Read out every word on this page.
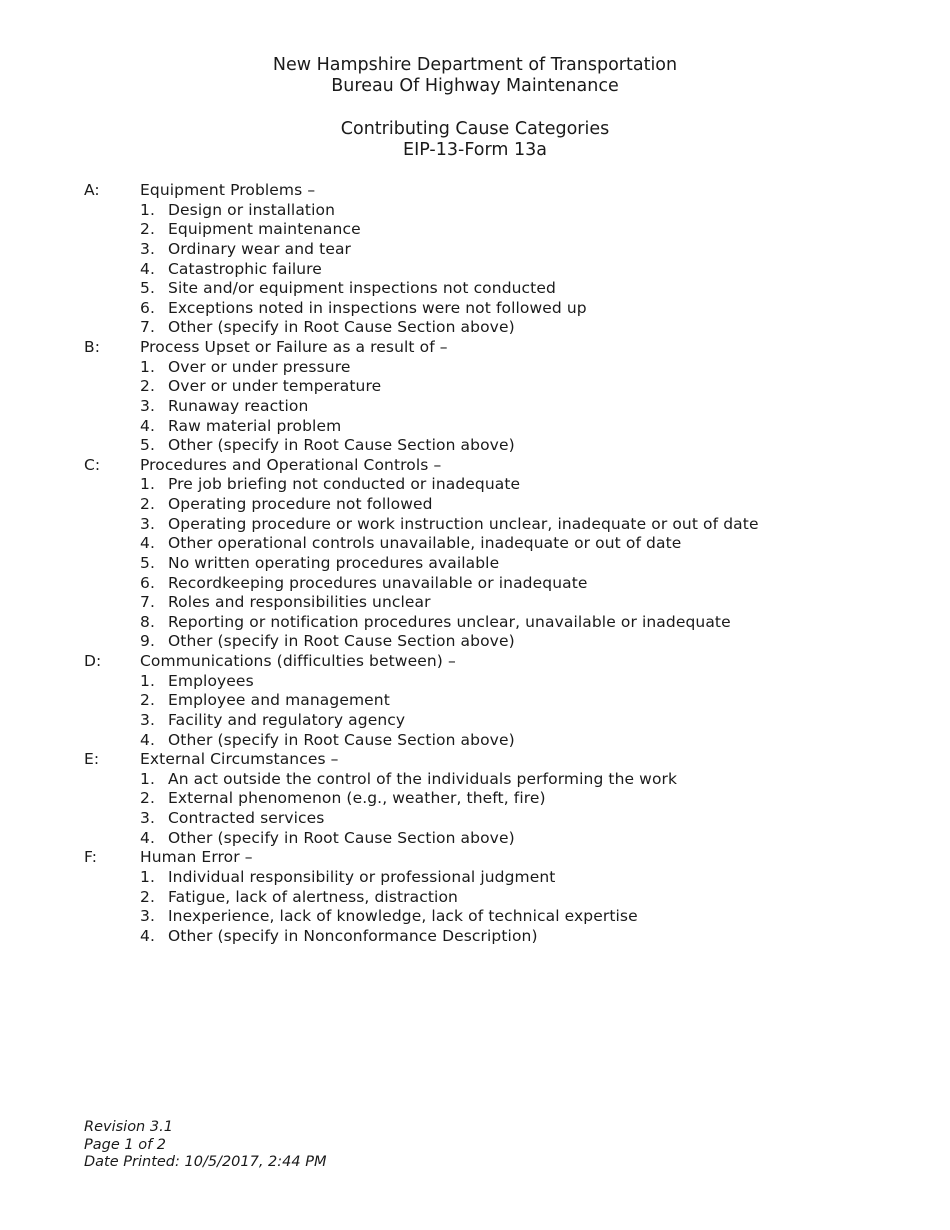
New Hampshire Department of Transportation
Bureau Of Highway Maintenance
Contributing Cause Categories
EIP-13-Form 13a
A:	Equipment Problems –
1. Design or installation
2. Equipment maintenance
3. Ordinary wear and tear
4. Catastrophic failure
5. Site and/or equipment inspections not conducted
6. Exceptions noted in inspections were not followed up
7. Other (specify in Root Cause Section above)
B:	Process Upset or Failure as a result of –
1. Over or under pressure
2. Over or under temperature
3. Runaway reaction
4. Raw material problem
5. Other (specify in Root Cause Section above)
C:	Procedures and Operational Controls –
1. Pre job briefing not conducted or inadequate
2. Operating procedure not followed
3. Operating procedure or work instruction unclear, inadequate or out of date
4. Other operational controls unavailable, inadequate or out of date
5. No written operating procedures available
6. Recordkeeping procedures unavailable or inadequate
7. Roles and responsibilities unclear
8. Reporting or notification procedures unclear, unavailable or inadequate
9. Other (specify in Root Cause Section above)
D:	Communications (difficulties between) –
1. Employees
2. Employee and management
3. Facility and regulatory agency
4. Other (specify in Root Cause Section above)
E:	External Circumstances –
1. An act outside the control of the individuals performing the work
2. External phenomenon (e.g., weather, theft, fire)
3. Contracted services
4. Other (specify in Root Cause Section above)
F:	Human Error –
1. Individual responsibility or professional judgment
2. Fatigue, lack of alertness, distraction
3. Inexperience, lack of knowledge, lack of technical expertise
4. Other (specify in Nonconformance Description)
Revision 3.1
Page 1 of 2
Date Printed: 10/5/2017, 2:44 PM
